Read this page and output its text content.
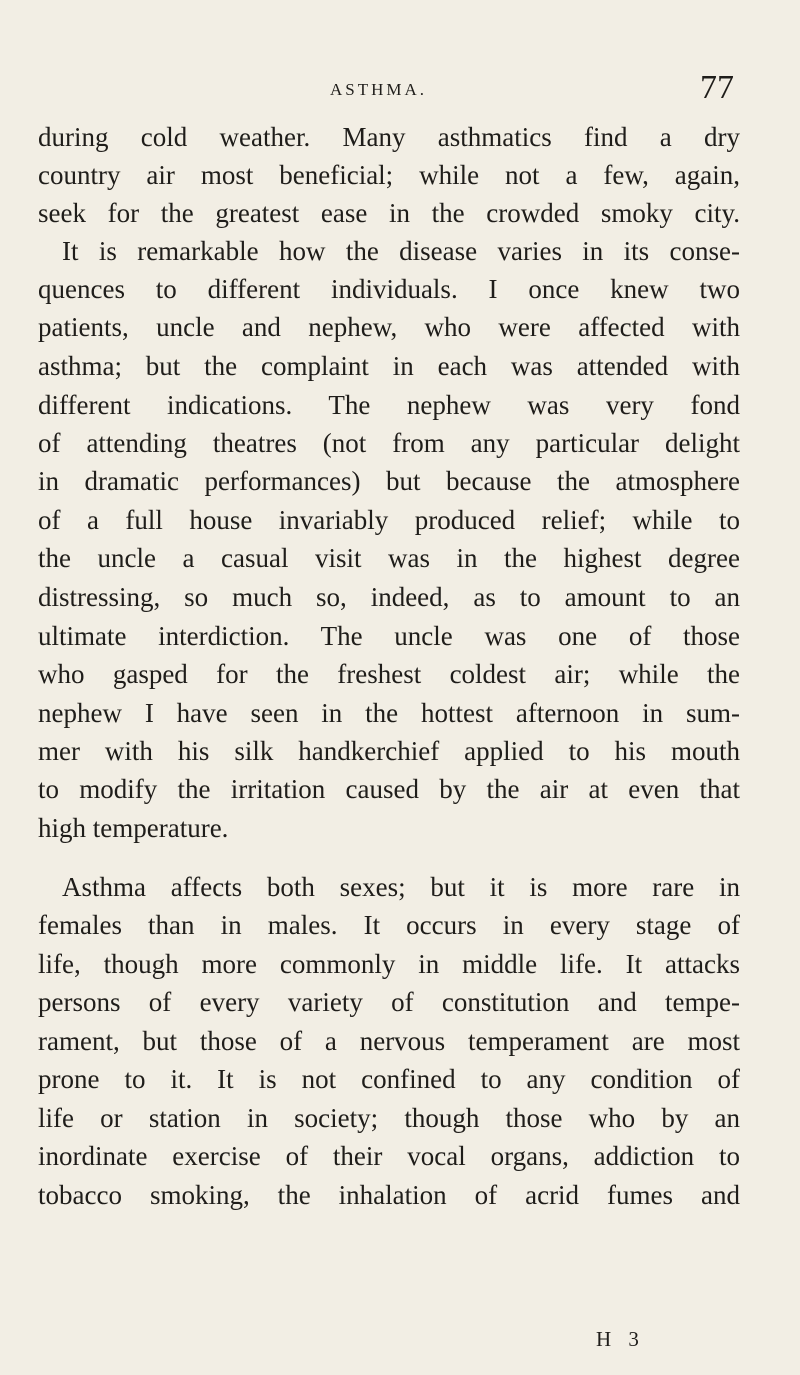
ASTHMA.	77
during cold weather. Many asthmatics find a dry
country air most beneficial; while not a few, again,
seek for the greatest ease in the crowded smoky city.
It is remarkable how the disease varies in its conse-
quences to different individuals. I once knew two
patients, uncle and nephew, who were affected with
asthma; but the complaint in each was attended with
different indications. The nephew was very fond
of attending theatres (not from any particular delight
in dramatic performances) but because the atmosphere
of a full house invariably produced relief; while to
the uncle a casual visit was in the highest degree
distressing, so much so, indeed, as to amount to an
ultimate interdiction. The uncle was one of those
who gasped for the freshest coldest air; while the
nephew I have seen in the hottest afternoon in sum-
mer with his silk handkerchief applied to his mouth
to modify the irritation caused by the air at even that
high temperature.
Asthma affects both sexes; but it is more rare in
females than in males. It occurs in every stage of
life, though more commonly in middle life. It attacks
persons of every variety of constitution and tempe-
rament, but those of a nervous temperament are most
prone to it. It is not confined to any condition of
life or station in society; though those who by an
inordinate exercise of their vocal organs, addiction to
tobacco smoking, the inhalation of acrid fumes and
H 3
